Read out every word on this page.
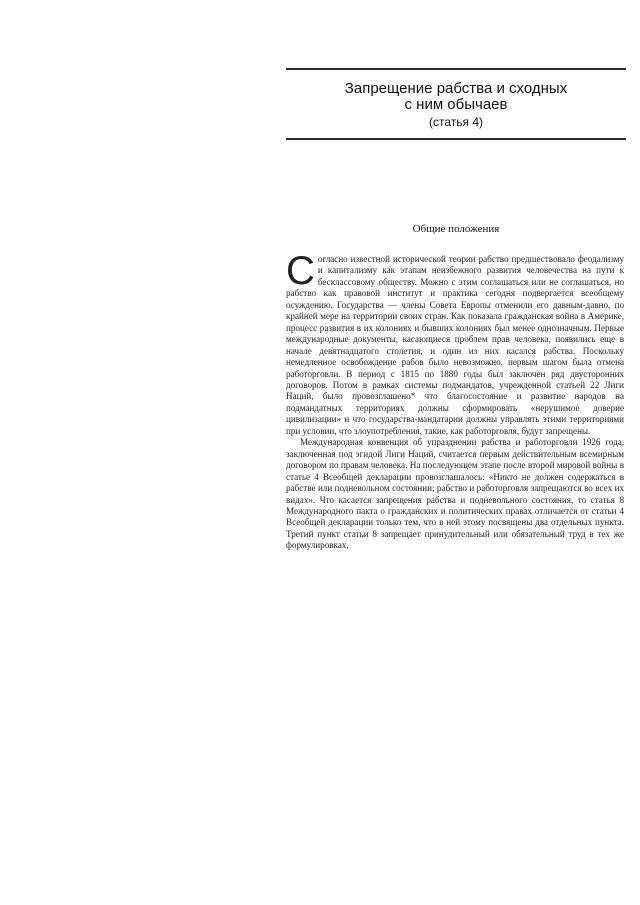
Запрещение рабства и сходных
с ним обычаев
(статья 4)
Общие положения

С огласно известной исторической теории рабство предшествовало феодализму и капитализму как этапам неизбежного развития человечества на пути к бесклассовому обществу. Можно с этим соглашаться или не соглашаться, но рабство как правовой институт и практика сегодня подвергается всеобщему осуждению. Государства — члены Совета Европы отменили его давным-давно, по крайней мере на территории своих стран. Как показала гражданская война в Америке, процесс развития в их колониях и бывших колониях был менее однозначным. Первые международные документы, касающиеся проблем прав человека, появились еще в начале девятнадцатого столетия, и один из них касался рабства. Поскольку немедленное освобождение рабов было невозможно, первым шагом была отмена работорговли. В период с 1815 по 1880 годы был заключен ряд двусторонних договоров. Потом в рамках системы подмандатов, учрежденной статьей 22 Лиги Наций, было провозглашено* что благосостояние и развитие народов на подмандатных территориях должны сформировать «нерушимое доверие цивилизации» и что государства-мандатарии должны управлять этими территориями при условии, что злоупотребления, такие, как работорговля, будут запрещены.

Международная конвенция об упразднении рабства и работорговли 1926 года, заключенная под эгидой Лиги Наций, считается первым действительным всемирным договором по правам человека. На последующем этапе после второй мировой войны в статье 4 Всеобщей декларации провозглашалось: «Никто не должен содержаться в рабстве или подневольном состоянии; рабство и работорговля запрещаются во всех их видах». Что касается запрещения рабства и подневольного состояния, то статья 8 Международного пакта о гражданских и политических правах отличается от статьи 4 Всеобщей декларации только тем, что в ней этому посвящены два отдельных пункта. Третий пункт статьи 8 запрещает принудительный или обязательный труд в тех же формулировках,
